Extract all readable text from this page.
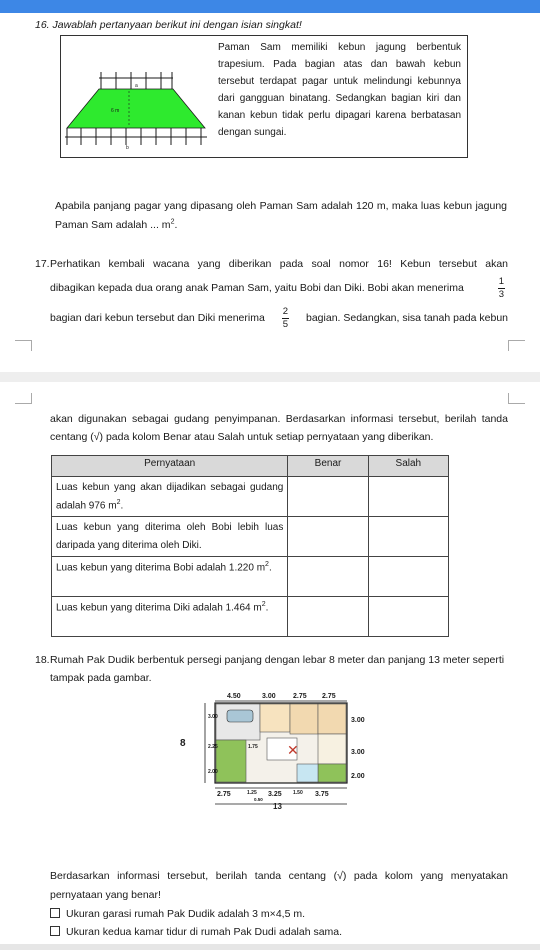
16. Jawablah pertanyaan berikut ini dengan isian singkat!
a
6 m
b
Paman Sam memiliki kebun jagung berbentuk trapesium. Pada bagian atas dan bawah kebun tersebut terdapat pagar untuk melindungi kebunnya dari gangguan binatang. Sedangkan bagian kiri dan kanan kebun tidak perlu dipagari karena berbatasan dengan sungai.
Apabila panjang pagar yang dipasang oleh Paman Sam adalah 120 m, maka luas kebun jagung Paman Sam adalah ... $m^2$.
17. Perhatikan kembali wacana yang diberikan pada soal nomor 16! Kebun tersebut akan
dibagikan kepada dua orang anak Paman Sam, yaitu Bobi dan Diki. Bobi akan menerima	$\frac{1}{3}$
bagian dari kebun tersebut dan Diki menerima $\frac{2}{5}$ bagian. Sedangkan, sisa tanah pada kebun
akan digunakan sebagai gudang penyimpanan. Berdasarkan informasi tersebut, berilah tanda centang (√) pada kolom Benar atau Salah untuk setiap pernyataan yang diberikan.
Pernyataan	Benar	Salah
Luas kebun yang akan dijadikan sebagai gudang adalah 976 $m^2$.		
Luas kebun yang diterima oleh Bobi lebih luas daripada yang diterima oleh Diki.		
Luas kebun yang diterima Bobi adalah 1.220 $m^2$.		
Luas kebun yang diterima Diki adalah 1.464 $m^2$.		
18. Rumah Pak Dudik berbentuk persegi panjang dengan lebar 8 meter dan panjang 13 meter seperti tampak pada gambar.
4.50	3.00 2.75 2.75
✕
2.75	1.25 3.25 1.50 3.75
0.50
13
8
3.00
2.25
2.00
1.75
3.00
3.00
2.00
Berdasarkan informasi tersebut, berilah tanda centang (√) pada kolom yang menyatakan pernyataan yang benar!
Ukuran garasi rumah Pak Dudik adalah 3 m×4,5 m.
Ukuran kedua kamar tidur di rumah Pak Dudi adalah sama.
